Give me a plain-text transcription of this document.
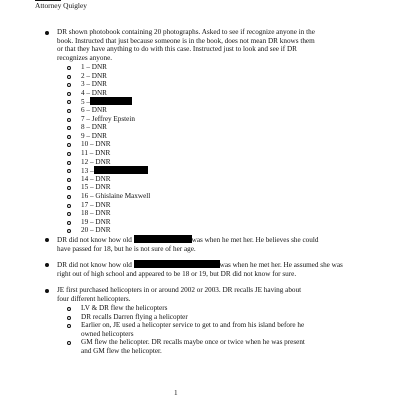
Attorney Quigley
DR shown photobook containing 20 photographs. Asked to see if recognize anyone in the
book. Instructed that just because someone is in the book, does not mean DR knows them
or that they have anything to do with this case. Instructed just to look and see if DR
recognizes anyone.
1 – DNR
2 – DNR
3 – DNR
4 – DNR
5 –
6 – DNR
7 – Jeffrey Epstein
8 – DNR
9 – DNR
10 – DNR
11 – DNR
12 – DNR
13 –
14 – DNR
15 – DNR
16 – Ghislaine Maxwell
17 – DNR
18 – DNR
19 – DNR
20 – DNR
DR did not know how old	was when he met her. He believes she could
have passed for 18, but he is not sure of her age.
DR did not know how old	was when he met her. He assumed she was
right out of high school and appeared to be 18 or 19, but DR did not know for sure.
JE first purchased helicopters in or around 2002 or 2003. DR recalls JE having about
four different helicopters.
LV & DR flew the helicopters
DR recalls Darren flying a helicopter
Earlier on, JE used a helicopter service to get to and from his island before he
owned helicopters
GM flew the helicopter. DR recalls maybe once or twice when he was present
and GM flew the helicopter.
1
